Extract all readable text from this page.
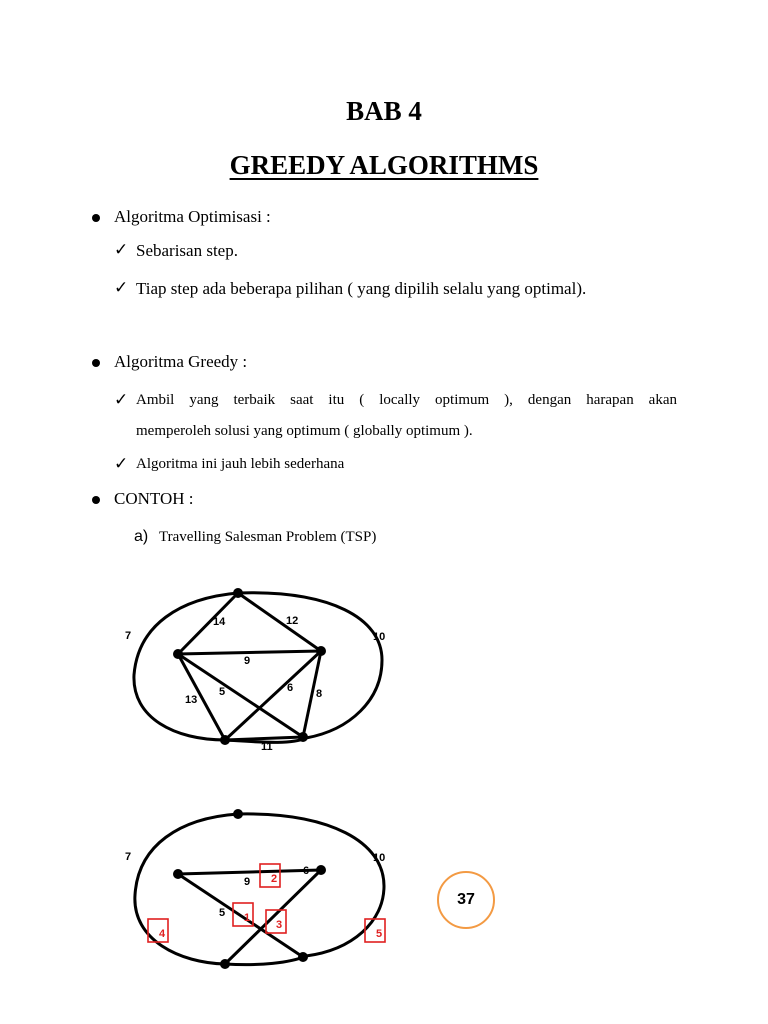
BAB 4
GREEDY ALGORITHMS
Algoritma Optimisasi :
✓ Sebarisan step.
✓ Tiap step ada beberapa pilihan ( yang dipilih selalu yang optimal).
Algoritma Greedy :
✓ Ambil yang terbaik saat itu ( locally optimum ), dengan harapan akan
memperoleh solusi yang optimum ( globally optimum ).
✓ Algoritma ini jauh lebih sederhana
CONTOH :
a) Travelling Salesman Problem (TSP)
14	12
7	10
9
13
5	6 8
11
7	10
9
6
5
2
1
3
4	5
37
